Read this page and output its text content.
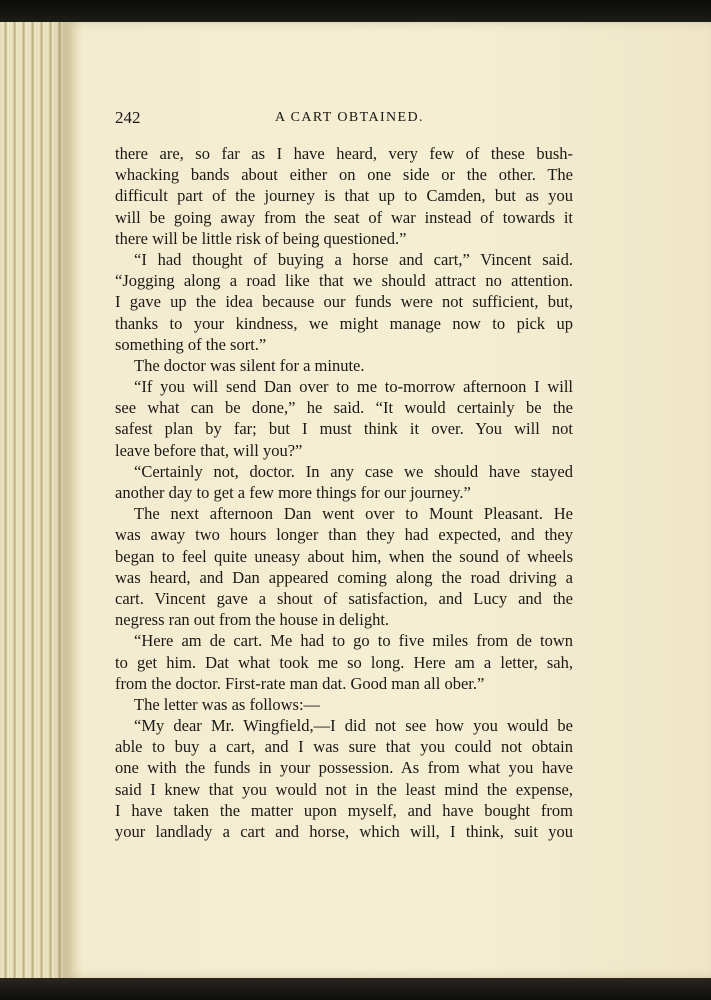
242	A CART OBTAINED.
there are, so far as I have heard, very few of these bush-
whacking bands about either on one side or the other. The
difficult part of the journey is that up to Camden, but as you
will be going away from the seat of war instead of towards it
there will be little risk of being questioned.”
“I had thought of buying a horse and cart,” Vincent said.
“Jogging along a road like that we should attract no attention.
I gave up the idea because our funds were not sufficient, but,
thanks to your kindness, we might manage now to pick up
something of the sort.”
The doctor was silent for a minute.
“If you will send Dan over to me to-morrow afternoon I will
see what can be done,” he said. “It would certainly be the
safest plan by far; but I must think it over. You will not
leave before that, will you?”
“Certainly not, doctor. In any case we should have stayed
another day to get a few more things for our journey.”
The next afternoon Dan went over to Mount Pleasant. He
was away two hours longer than they had expected, and they
began to feel quite uneasy about him, when the sound of wheels
was heard, and Dan appeared coming along the road driving a
cart. Vincent gave a shout of satisfaction, and Lucy and the
negress ran out from the house in delight.
“Here am de cart. Me had to go to five miles from de town
to get him. Dat what took me so long. Here am a letter, sah,
from the doctor. First-rate man dat. Good man all ober.”
The letter was as follows:—
“My dear Mr. Wingfield,—I did not see how you would be
able to buy a cart, and I was sure that you could not obtain
one with the funds in your possession. As from what you have
said I knew that you would not in the least mind the expense,
I have taken the matter upon myself, and have bought from
your landlady a cart and horse, which will, I think, suit you
